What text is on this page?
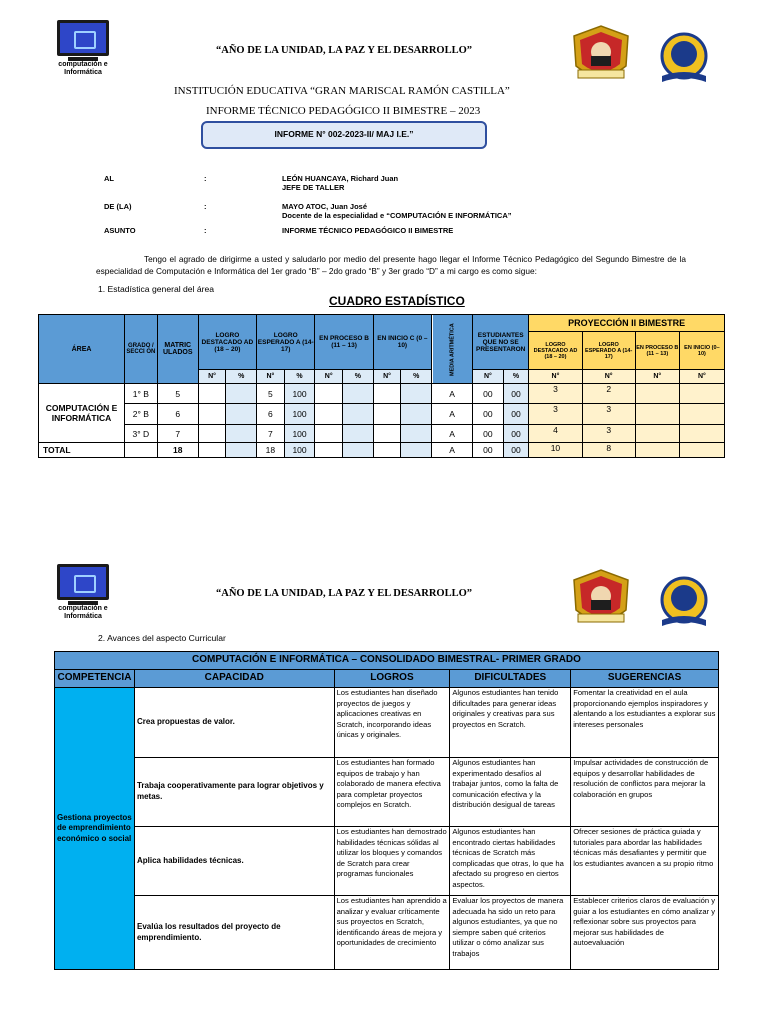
computación e Informática
“AÑO DE LA UNIDAD, LA PAZ Y EL DESARROLLO”
INSTITUCIÓN EDUCATIVA “GRAN MARISCAL RAMÓN CASTILLA”
INFORME TÉCNICO PEDAGÓGICO II BIMESTRE – 2023
INFORME N° 002-2023-II/ MAJ I.E.”
AL	:	LEÓN HUANCAYA, Richard Juan
JEFE DE TALLER

DE (LA)	:	MAYO ATOC, Juan José
Docente de la especialidad e “COMPUTACIÓN E INFORMÁTICA”

ASUNTO	:	INFORME TÉCNICO PEDAGÓGICO II BIMESTRE
Tengo el agrado de dirigirme a usted y saludarlo por medio del presente hago llegar el Informe Técnico Pedagógico del Segundo Bimestre de la especialidad de Computación e Informática del 1er grado “B” – 2do grado “B” y 3er grado “D” a mi cargo es como sigue:
1. Estadística general del área
CUADRO ESTADÍSTICO
ÁREA	GRADO / SECCI ÓN	MATRIC ULADOS	LOGRO DESTACADO AD (18 – 20)		LOGRO ESPERADO A (14- 17)		EN PROCESO B (11 – 13)		EN INICIO C (0 – 10)		MEDIA ARITMÉTICA	ESTUDIANTES QUE NO SE PRESENTARON		PROYECCIÓN II BIMESTRE			
														LOGRO DESTACADO AD (18 – 20)	LOGRO ESPERADO A (14- 17)	EN PROCESO B (11 – 13)	EN INICIO (0– 10)
			N°	%	N°	%	N°	%	N°	%		N°	%	N°	N°	N°	N°
COMPUTACIÓN E INFORMÁTICA	1° B	5			5	100					A	00	00	3	2		
	2° B	6			6	100					A	00	00	3	3		
	3° D	7			7	100					A	00	00	4	3		
TOTAL		18			18	100					A	00	00	10	8		
computación e Informática
“AÑO DE LA UNIDAD, LA PAZ Y EL DESARROLLO”
2. Avances del aspecto Curricular
COMPUTACIÓN E INFORMÁTICA – CONSOLIDADO BIMESTRAL- PRIMER GRADO				
COMPETENCIA	CAPACIDAD	LOGROS	DIFICULTADES	SUGERENCIAS
Gestiona proyectos de emprendimiento económico o social	Crea propuestas de valor.	Los estudiantes han diseñado proyectos de juegos y aplicaciones creativas en Scratch, incorporando ideas únicas y originales.	Algunos estudiantes han tenido dificultades para generar ideas originales y creativas para sus proyectos en Scratch.	Fomentar la creatividad en el aula proporcionando ejemplos inspiradores y alentando a los estudiantes a explorar sus intereses personales
	Trabaja cooperativamente para lograr objetivos y metas.	Los estudiantes han formado equipos de trabajo y han colaborado de manera efectiva para completar proyectos complejos en Scratch.	Algunos estudiantes han experimentado desafíos al trabajar juntos, como la falta de comunicación efectiva y la distribución desigual de tareas	Impulsar actividades de construcción de equipos y desarrollar habilidades de resolución de conflictos para mejorar la colaboración en grupos
	Aplica habilidades técnicas.	Los estudiantes han demostrado habilidades técnicas sólidas al utilizar los bloques y comandos de Scratch para crear programas funcionales	Algunos estudiantes han encontrado ciertas habilidades técnicas de Scratch más complicadas que otras, lo que ha afectado su progreso en ciertos aspectos.	Ofrecer sesiones de práctica guiada y tutoriales para abordar las habilidades técnicas más desafiantes y permitir que los estudiantes avancen a su propio ritmo
	Evalúa los resultados del proyecto de emprendimiento.	Los estudiantes han aprendido a analizar y evaluar críticamente sus proyectos en Scratch, identificando áreas de mejora y oportunidades de crecimiento	Evaluar los proyectos de manera adecuada ha sido un reto para algunos estudiantes, ya que no siempre saben qué criterios utilizar o cómo analizar sus trabajos	Establecer criterios claros de evaluación y guiar a los estudiantes en cómo analizar y reflexionar sobre sus proyectos para mejorar sus habilidades de autoevaluación
